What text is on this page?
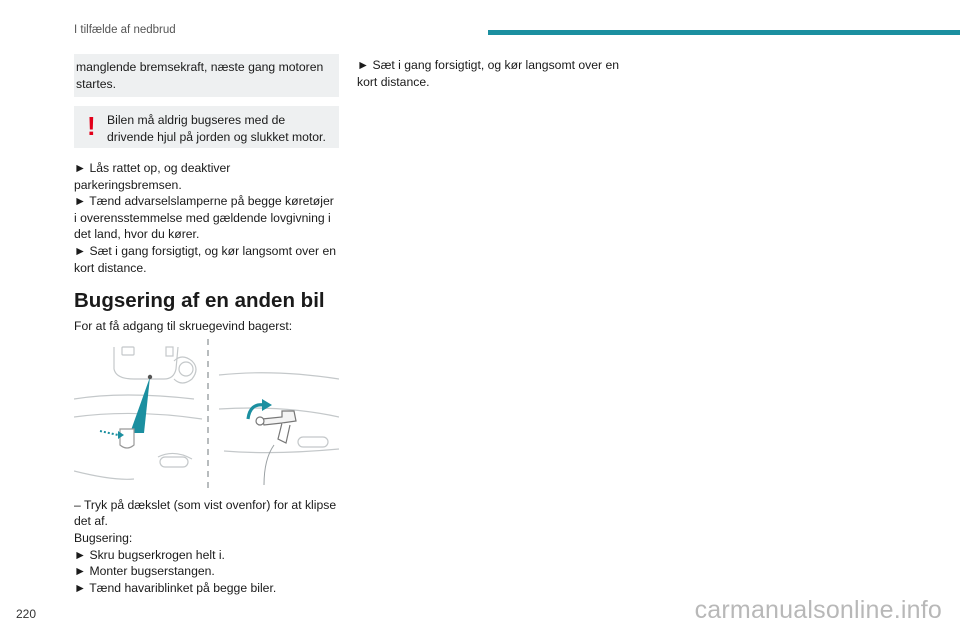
I tilfælde af nedbrud
manglende bremsekraft, næste gang motoren startes.
! Bilen må aldrig bugseres med de drivende hjul på jorden og slukket motor.
► Lås rattet op, og deaktiver parkeringsbremsen.
► Tænd advarselslamperne på begge køretøjer i overensstemmelse med gældende lovgivning i det land, hvor du kører.
► Sæt i gang forsigtigt, og kør langsomt over en kort distance.
Bugsering af en anden bil
For at få adgang til skruegevind bagerst:
– Tryk på dækslet (som vist ovenfor) for at klipse det af.
Bugsering:
► Skru bugserkrogen helt i.
► Monter bugserstangen.
► Tænd havariblinket på begge biler.
► Sæt i gang forsigtigt, og kør langsomt over en kort distance.
220	carmanualsonline.info
